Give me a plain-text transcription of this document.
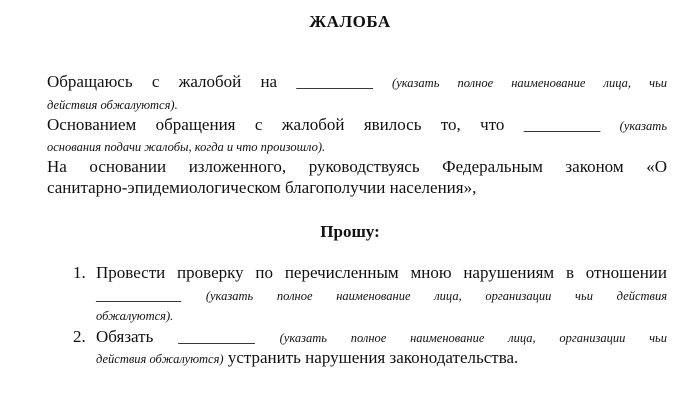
ЖАЛОБА
Обращаюсь с жалобой на _________ (указать полное наименование лица, чьи
действия обжалуются).
Основанием обращения с жалобой явилось то, что _________ (указать
основания подачи жалобы, когда и что произошло).
На основании изложенного, руководствуясь Федеральным законом «О
санитарно-эпидемиологическом благополучии населения»,
Прошу:
1. Провести проверку по перечисленным мною нарушениям в отношении
__________ (указать полное наименование лица, организации чьи действия
обжалуются).
2. Обязать _________ (указать полное наименование лица, организации чьи
действия обжалуются) устранить нарушения законодательства.
